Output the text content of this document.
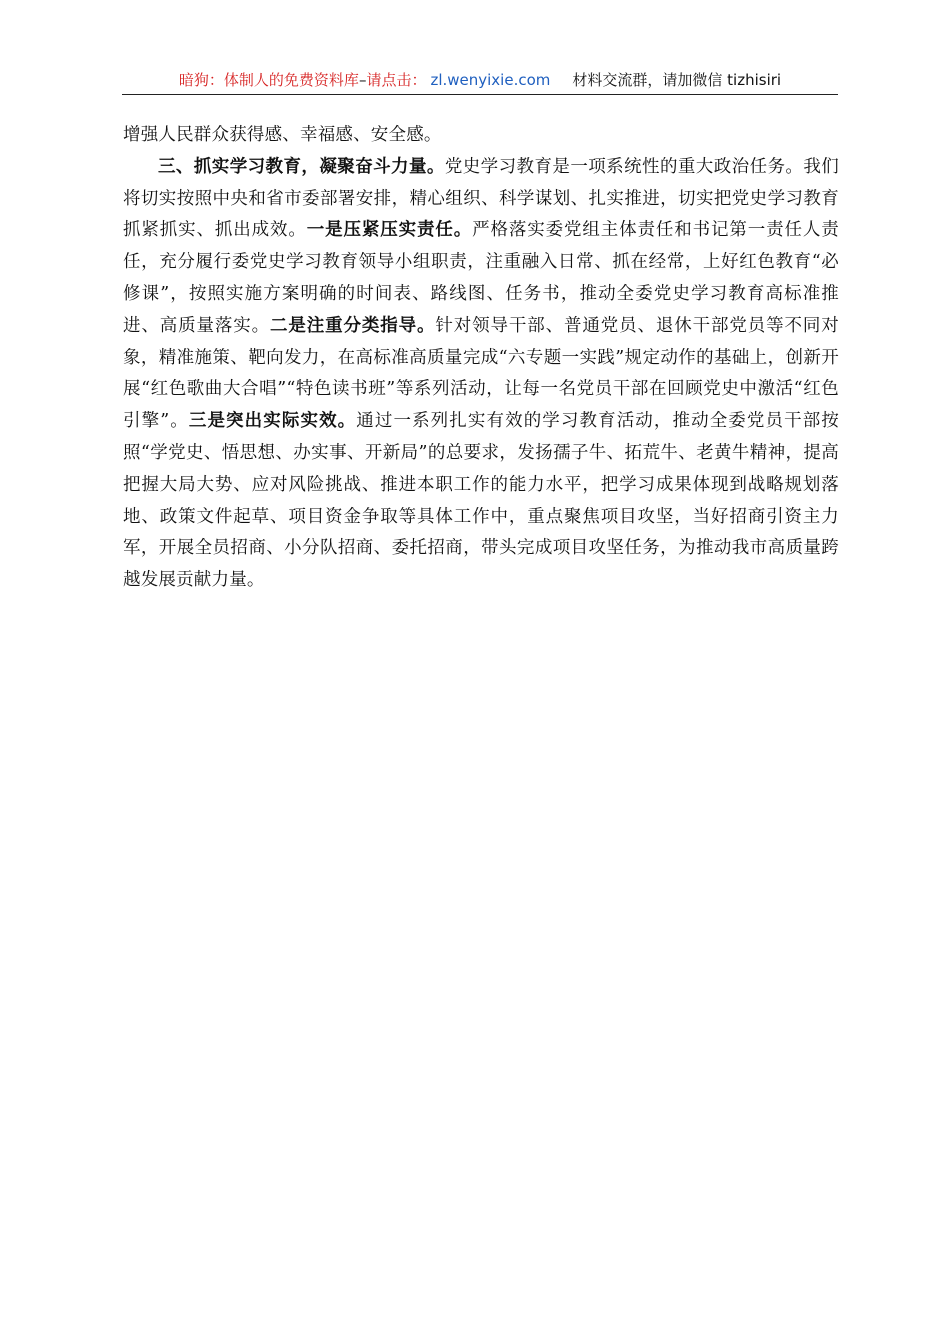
暗狗：体制人的免费资料库–请点击： zl.wenyixie.com 材料交流群，请加微信 tizhisiri

增强人民群众获得感、幸福感、安全感。

三、抓实学习教育，凝聚奋斗力量。党史学习教育是一项系统性的重大政治任务。我们将切实按照中央和省市委部署安排，精心组织、科学谋划、扎实推进，切实把党史学习教育抓紧抓实、抓出成效。一是压紧压实责任。严格落实委党组主体责任和书记第一责任人责任，充分履行委党史学习教育领导小组职责，注重融入日常、抓在经常，上好红色教育“必修课”，按照实施方案明确的时间表、路线图、任务书，推动全委党史学习教育高标准推进、高质量落实。二是注重分类指导。针对领导干部、普通党员、退休干部党员等不同对象，精准施策、靶向发力，在高标准高质量完成“六专题一实践”规定动作的基础上，创新开展“红色歌曲大合唱”“特色读书班”等系列活动，让每一名党员干部在回顾党史中激活“红色引擎”。三是突出实际实效。通过一系列扎实有效的学习教育活动，推动全委党员干部按照“学党史、悟思想、办实事、开新局”的总要求，发扬孺子牛、拓荒牛、老黄牛精神，提高把握大局大势、应对风险挑战、推进本职工作的能力水平，把学习成果体现到战略规划落地、政策文件起草、项目资金争取等具体工作中，重点聚焦项目攻坚，当好招商引资主力军，开展全员招商、小分队招商、委托招商，带头完成项目攻坚任务，为推动我市高质量跨越发展贡献力量。
